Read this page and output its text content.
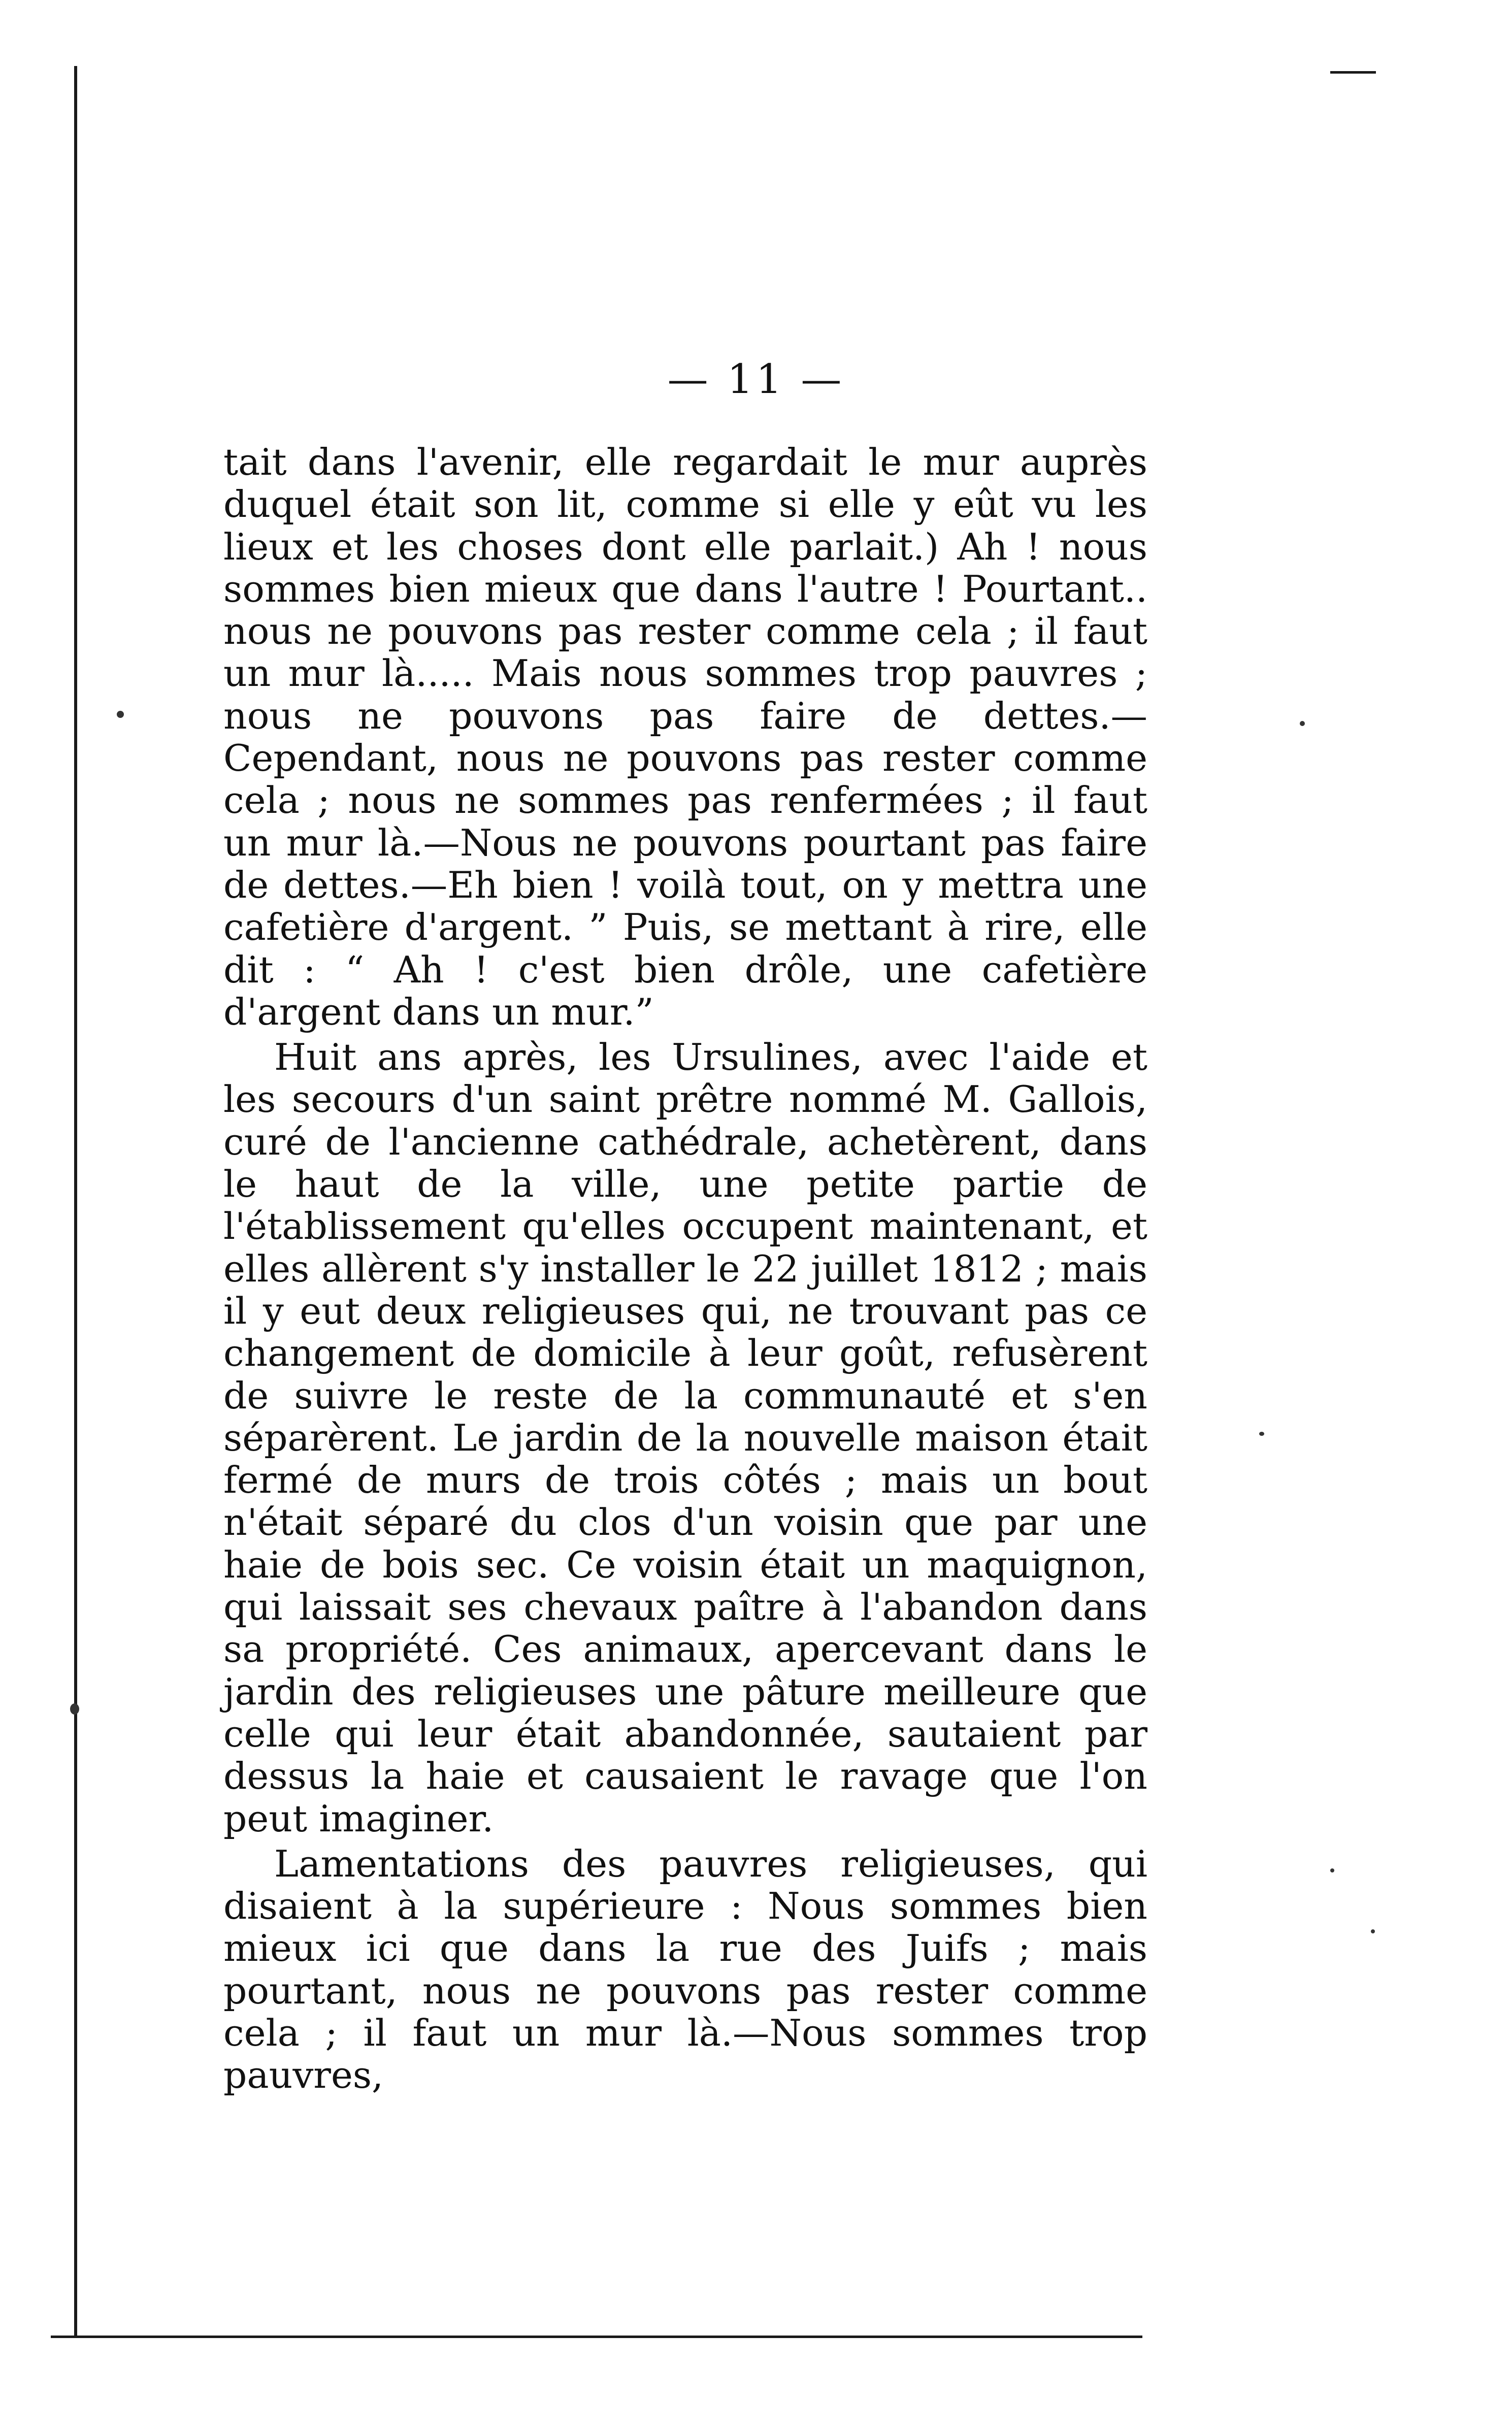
— 11 —

tait dans l'avenir, elle regardait le mur auprès duquel était son lit, comme si elle y eût vu les lieux et les choses dont elle parlait.) Ah ! nous sommes bien mieux que dans l'autre ! Pourtant.. nous ne pouvons pas rester comme cela ; il faut un mur là..... Mais nous sommes trop pauvres ; nous ne pouvons pas faire de dettes.—Cependant, nous ne pouvons pas rester comme cela ; nous ne sommes pas renfermées ; il faut un mur là.—Nous ne pouvons pourtant pas faire de dettes.—Eh bien ! voilà tout, on y mettra une cafetière d'argent. ” Puis, se mettant à rire, elle dit : “ Ah ! c'est bien drôle, une cafetière d'argent dans un mur.”

Huit ans après, les Ursulines, avec l'aide et les secours d'un saint prêtre nommé M. Gallois, curé de l'ancienne cathédrale, achetèrent, dans le haut de la ville, une petite partie de l'établissement qu'elles occupent maintenant, et elles allèrent s'y installer le 22 juillet 1812 ; mais il y eut deux religieuses qui, ne trouvant pas ce changement de domicile à leur goût, refusèrent de suivre le reste de la communauté et s'en séparèrent. Le jardin de la nouvelle maison était fermé de murs de trois côtés ; mais un bout n'était séparé du clos d'un voisin que par une haie de bois sec. Ce voisin était un maquignon, qui laissait ses chevaux paître à l'abandon dans sa propriété. Ces animaux, apercevant dans le jardin des religieuses une pâture meilleure que celle qui leur était abandonnée, sautaient par dessus la haie et causaient le ravage que l'on peut imaginer.

Lamentations des pauvres religieuses, qui disaient à la supérieure : Nous sommes bien mieux ici que dans la rue des Juifs ; mais pourtant, nous ne pouvons pas rester comme cela ; il faut un mur là.—Nous sommes trop pauvres,
